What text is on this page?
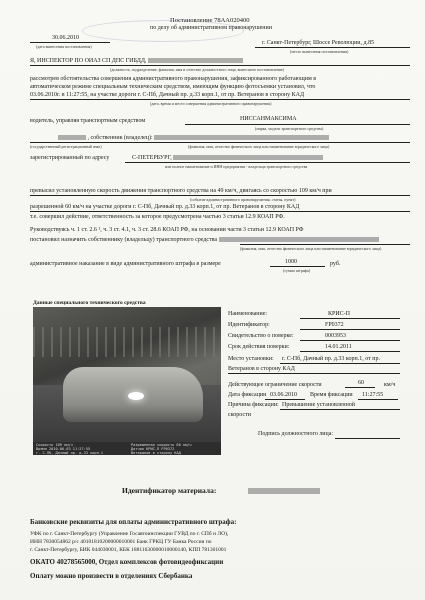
Постановление 78АА020400
по делу об административном правонарушении
30.06.2010
(дата вынесения постановления)
г. Санкт-Петербург, Шоссе Революции, д.85
(место вынесения постановления)
Я, ИНСПЕКТОР ПО ОИАЗ СП ДПС ГИБДД,
(должность, подразделение, фамилия, имя и отчество должностного лица, вынесшего постановление)
рассмотрев обстоятельства совершения административного правонарушения, зафиксированного работающим в
автоматическом режиме специальным техническим средством, имеющим функцию фотосъемки установил, что
03.06.2010г. в 11:27:55, на участке дороги г. С-Пб, Дачный пр. д.33 корп.1, от пр. Ветеранов в сторону КАД
(дата, время и место совершения административного правонарушения)
водитель, управляя транспортным средством	НИССАНМАКСИМА
(марка, модель транспортного средства)
, собственник (владелец):
(государственный регистрационный знак)	(фамилия, имя, отчество физического лица или наименование юридического лица)
зарегистрированный по адресу	С-ПЕТЕРБУРГ,
или полное наименование и ИНН предприятия - владельца транспортного средства
превысил установленную скорость движения транспортного средства на 49 км/ч, двигаясь со скоростью 109 км/ч при
(событие административного правонарушения, статья, пункт)
разрешенной 60 км/ч на участке дороги г. С-Пб, Дачный пр. д.33 корп.1, от пр. Ветеранов в сторону КАД
т.е. совершил действие, ответственность за которое предусмотрена частью 3 статьи 12.9 КОАП РФ.
Руководствуясь ч. 1 ст. 2.6 ¹, ч. 3 ст. 4.1, ч. 3 ст. 28.6 КОАП РФ, на основании части 3 статьи 12.9 КОАП РФ
постановил назначить собственнику (владельцу) транспортного средства
(фамилия, имя, отчество физического лица или наименование юридического лица)
административное наказание в виде административного штрафа в размере	1000	руб.
(сумма штрафа)
Данные специального технического средства
Скорость 109 км/ч
Время 2010-06-03 11:27:55
г. С-Пб, Дачный пр. д.33 корп.1
Разрешенная скорость 60 км/ч
Датчик КРИС-П FP0372
Ветеранов в сторону КАД
Наименование:	КРИС-П
Идентификатор:	FP0372
Свидетельство о поверке:	0003953
Срок действия поверки:	14.01.2011
Место установки: г. С-Пб, Дачный пр. д.33 корп.1, от пр.
Ветеранов в сторону КАД
Действующее ограничение скорости	60	км/ч
Дата фиксации 03.06.2010 Время фиксации 11:27:55
Причина фиксации: Превышение установленной
скорости
Подпись должностного лица:
Идентификатор материала:
Банковские реквизиты для оплаты административного штрафа:
УФК по г. Санкт-Петербургу (Управление Госавтоинспекции ГУВД по г. СПб и ЛО),
ИНН 7830054862 р/с 40101810200000010001 Банк ГРКЦ ГУ Банка России по
г. Санкт-Петербургу, БИК 044030001, КБК 18811630000010000140, КПП 781301001
ОКАТО 40278565000, Отдел комплексов фотовидеофиксации
Оплату можно произвести в отделениях Сбербанка
